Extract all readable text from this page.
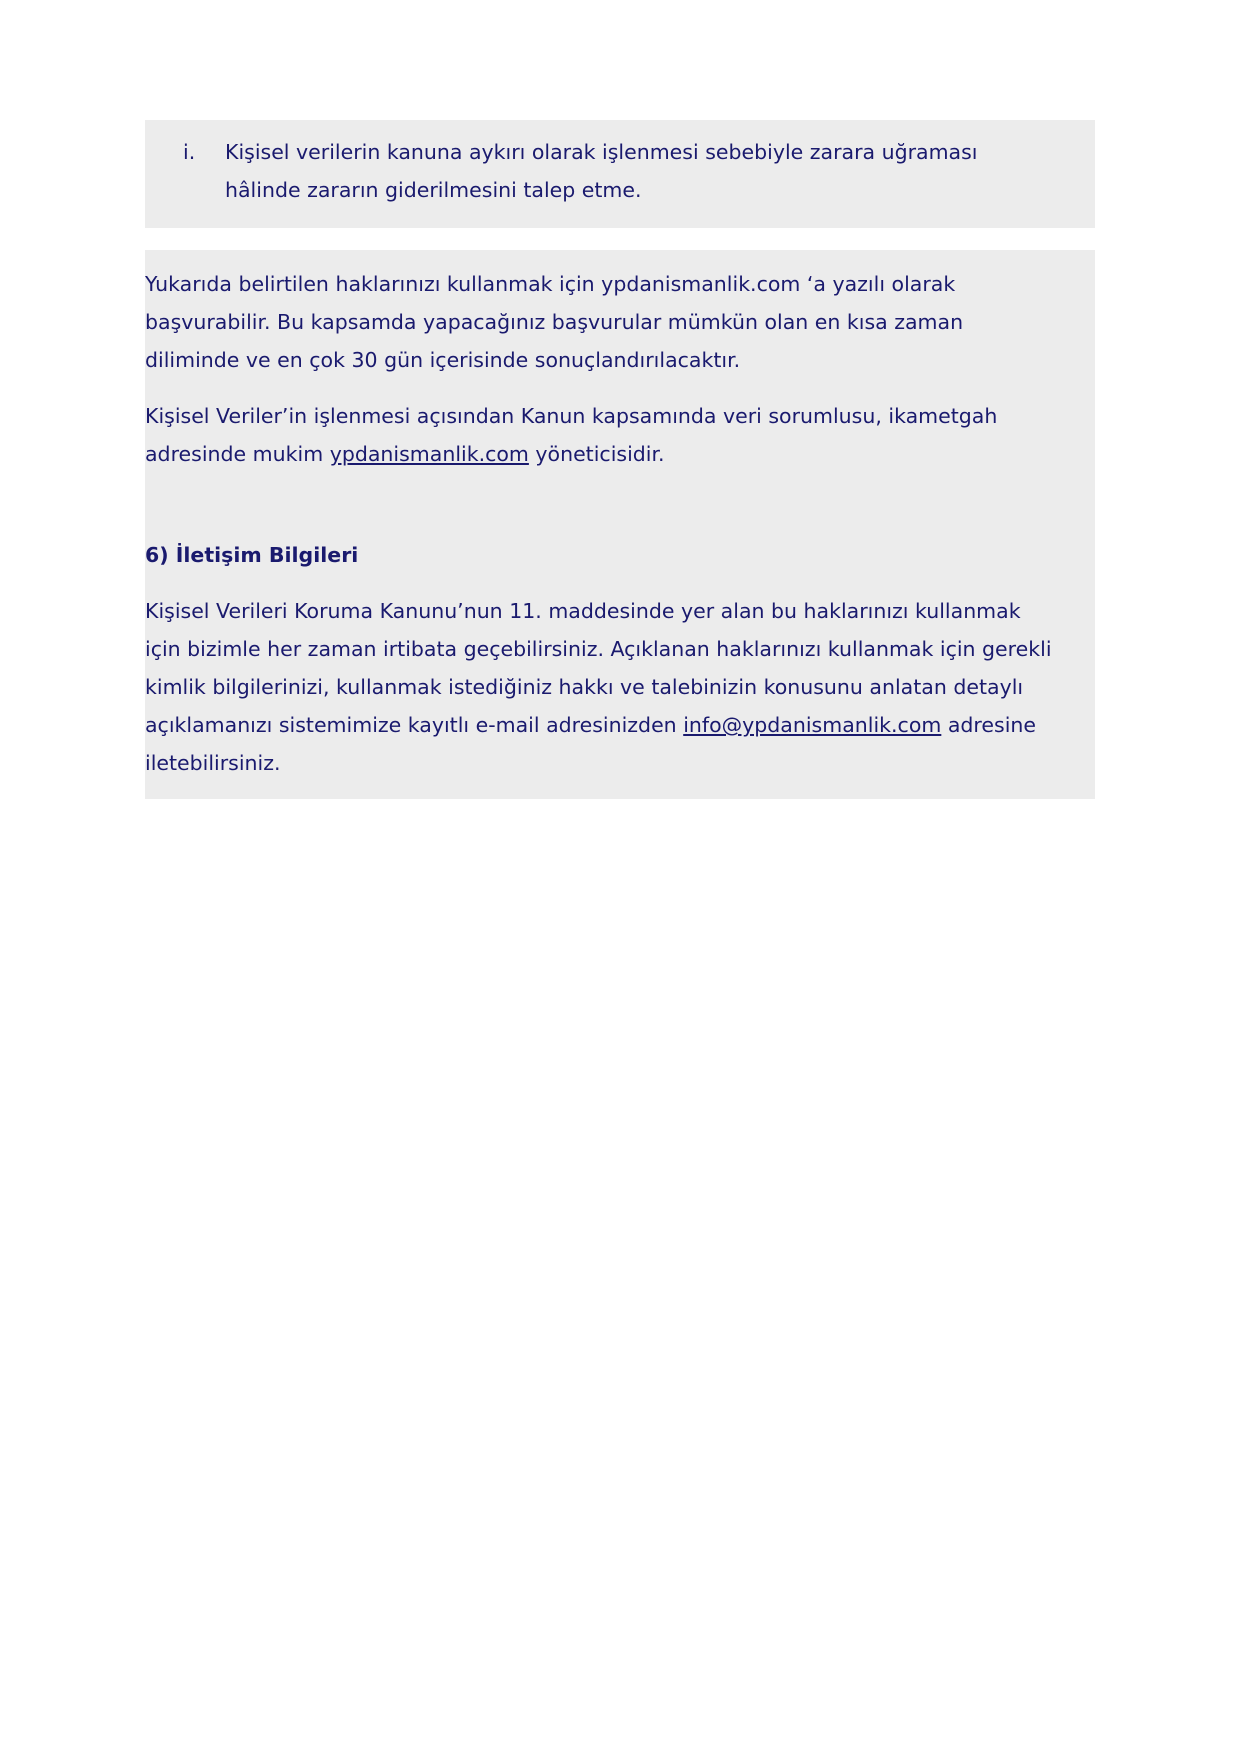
i. Kişisel verilerin kanuna aykırı olarak işlenmesi sebebiyle zarara uğraması hâlinde zararın giderilmesini talep etme.

Yukarıda belirtilen haklarınızı kullanmak için ypdanismanlik.com ‘a yazılı olarak başvurabilir. Bu kapsamda yapacağınız başvurular mümkün olan en kısa zaman diliminde ve en çok 30 gün içerisinde sonuçlandırılacaktır.

Kişisel Veriler’in işlenmesi açısından Kanun kapsamında veri sorumlusu, ikametgah adresinde mukim ypdanismanlik.com yöneticisidir.

6) İletişim Bilgileri

Kişisel Verileri Koruma Kanunu’nun 11. maddesinde yer alan bu haklarınızı kullanmak için bizimle her zaman irtibata geçebilirsiniz. Açıklanan haklarınızı kullanmak için gerekli kimlik bilgilerinizi, kullanmak istediğiniz hakkı ve talebinizin konusunu anlatan detaylı açıklamanızı sistemimize kayıtlı e-mail adresinizden info@ypdanismanlik.com adresine iletebilirsiniz.
